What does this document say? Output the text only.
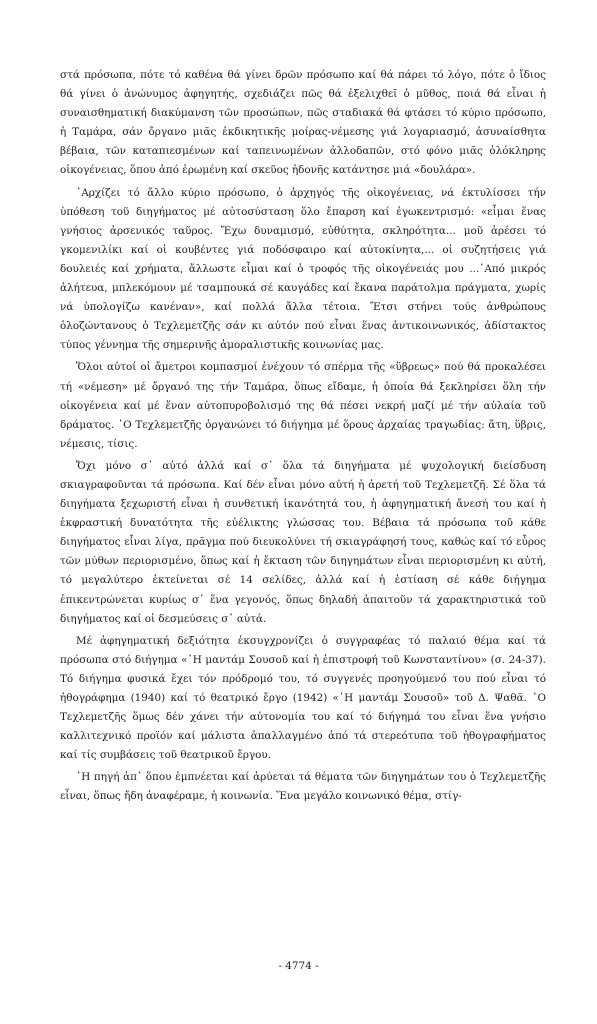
στά πρόσωπα, πότε τό καθένα θά γίνει δρῶν πρόσωπο καί θά πάρει τό λόγο, πότε ὁ ἴδιος θά γίνει ὁ ἀνώνυμος ἀφηγητής, σχεδιάζει πῶς θά ἐξελιχθεῖ ὁ μῦθος, ποιά θά εἶναι ἡ συναισθηματική διακύμανση τῶν προσώπων, πῶς σταδιακά θά φτάσει τό κύριο πρόσωπο, ἡ Ταμάρα, σάν ὄργανο μιᾶς ἐκδικητικῆς μοίρας-νέμεσης γιά λογαριασμό, ἀσυναίσθητα βέβαια, τῶν καταπιεσμένων καί ταπεινωμένων ἀλλοδαπῶν, στό φόνο μιᾶς ὁλόκληρης οἰκογένειας, ὅπου ἀπό ἐρωμένη καί σκεῦος ἡδονῆς κατάντησε μιά «δουλάρα».

᾿Αρχίζει τό ἄλλο κύριο πρόσωπο, ὁ ἀρχηγός τῆς οἰκογένειας, νά ἐκτυλίσσει τήν ὑπόθεση τοῦ διηγήματος μέ αὐτοσύσταση ὅλο ἔπαρση καί ἐγωκεντρισμό: «εἶμαι ἕνας γνήσιος ἀρσενικός ταῦρος. Ἔχω δυναμισμό, εὐθύτητα, σκληρότητα... μοῦ ἀρέσει τό γκομενιλίκι καί οἱ κουβέντες γιά ποδόσφαιρο καί αὐτοκίνητα,... οἱ συζητήσεις γιά δουλειές καί χρήματα, ἄλλωστε εἶμαι καί ὁ τροφός τῆς οἰκογένειάς μου ...᾿Από μικρός ἀλήτευα, μπλεκόμουν μέ τσαμπουκά σέ καυγάδες καί ἔκανα παράτολμα πράγματα, χωρίς νά ὑπολογίζω κανέναν», καί πολλά ἄλλα τέτοια. Ἔτσι στήνει τούς ἀνθρώπους ὁλοζώντανους ὁ Τεχλεμετζῆς σάν κι αὐτόν πού εἶναι ἕνας ἀντικοινωνικός, ἀδίστακτος τύπος γέννημα τῆς σημερινῆς ἀμοραλιστικῆς κοινωνίας μας.

Ὅλοι αὐτοί οἱ ἄμετροι κομπασμοί ἐνέχουν τό σπέρμα τῆς «ὕβρεως» πού θά προκαλέσει τή «νέμεση» μέ ὄργανό της τήν Ταμάρα, ὅπως εἴδαμε, ἡ ὁποία θά ξεκληρίσει ὅλη τήν οἰκογένεια καί μέ ἕναν αὐτοπυροβολισμό της θά πέσει νεκρή μαζί μέ τήν αὐλαία τοῦ δράματος. ῾Ο Τεχλεμετζῆς ὀργανώνει τό διήγημα μέ ὅρους ἀρχαίας τραγωδίας: ἄτη, ὕβρις, νέμεσις, τίσις.

Ὄχι μόνο σ᾿ αὐτό ἀλλά καί σ᾿ ὅλα τά διηγήματα μέ ψυχολογική διείσδυση σκιαγραφοῦνται τά πρόσωπα. Καί δέν εἶναι μόνο αὐτή ἡ ἀρετή τοῦ Τεχλεμετζῆ. Σέ ὅλα τά διηγήματα ξεχωριστή εἶναι ἡ συνθετική ἱκανότητά του, ἡ ἀφηγηματική ἄνεσή του καί ἡ ἐκφραστική δυνατότητα τῆς εὐέλικτης γλώσσας του. Βέβαια τά πρόσωπα τοῦ κάθε διηγήματος εἶναι λίγα, πρᾶγμα πού διευκολύνει τή σκιαγράφησή τους, καθώς καί τό εὖρος τῶν μύθων περιορισμένο, ὅπως καί ἡ ἔκταση τῶν διηγημάτων εἶναι περιορισμένη κι αὐτή, τό μεγαλύτερο ἐκτείνεται σέ 14 σελίδες, ἀλλά καί ἡ ἑστίαση σέ κάθε διήγημα ἐπικεντρώνεται κυρίως σ᾿ ἕνα γεγονός, ὅπως δηλαδή ἀπαιτοῦν τά χαρακτηριστικά τοῦ διηγήματος καί οἱ δεσμεύσεις σ᾿ αὐτά.

Μέ ἀφηγηματική δεξιότητα ἐκσυγχρονίζει ὁ συγγραφέας τό παλαιό θέμα καί τά πρόσωπα στό διήγημα «῾Η μαντάμ Σουσοῦ καί ἡ ἐπιστροφή τοῦ Κωνσταντίνου» (σ. 24-37). Τό διήγημα φυσικά ἔχει τόν πρόδρομό του, τό συγγενές προηγούμενό του πού εἶναι τό ἠθογράφημα (1940) καί τό θεατρικό ἔργο (1942) «῾Η μαντάμ Σουσοῦ» τοῦ Δ. Ψαθᾶ. ῾Ο Τεχλεμετζῆς ὅμως δέν χάνει τήν αὐτονομία του καί τό διήγημά του εἶναι ἕνα γνήσιο καλλιτεχνικό προϊόν καί μάλιστα ἀπαλλαγμένο ἀπό τά στερεότυπα τοῦ ἠθογραφήματος καί τίς συμβάσεις τοῦ θεατρικοῦ ἔργου.

῾Η πηγή ἀπ᾿ ὅπου ἐμπνέεται καί ἀρύεται τά θέματα τῶν διηγημάτων του ὁ Τεχλεμετζῆς εἶναι, ὅπως ἤδη ἀναφέραμε, ἡ κοινωνία. Ἕνα μεγάλο κοινωνικό θέμα, στίγ-

- 4774 -
